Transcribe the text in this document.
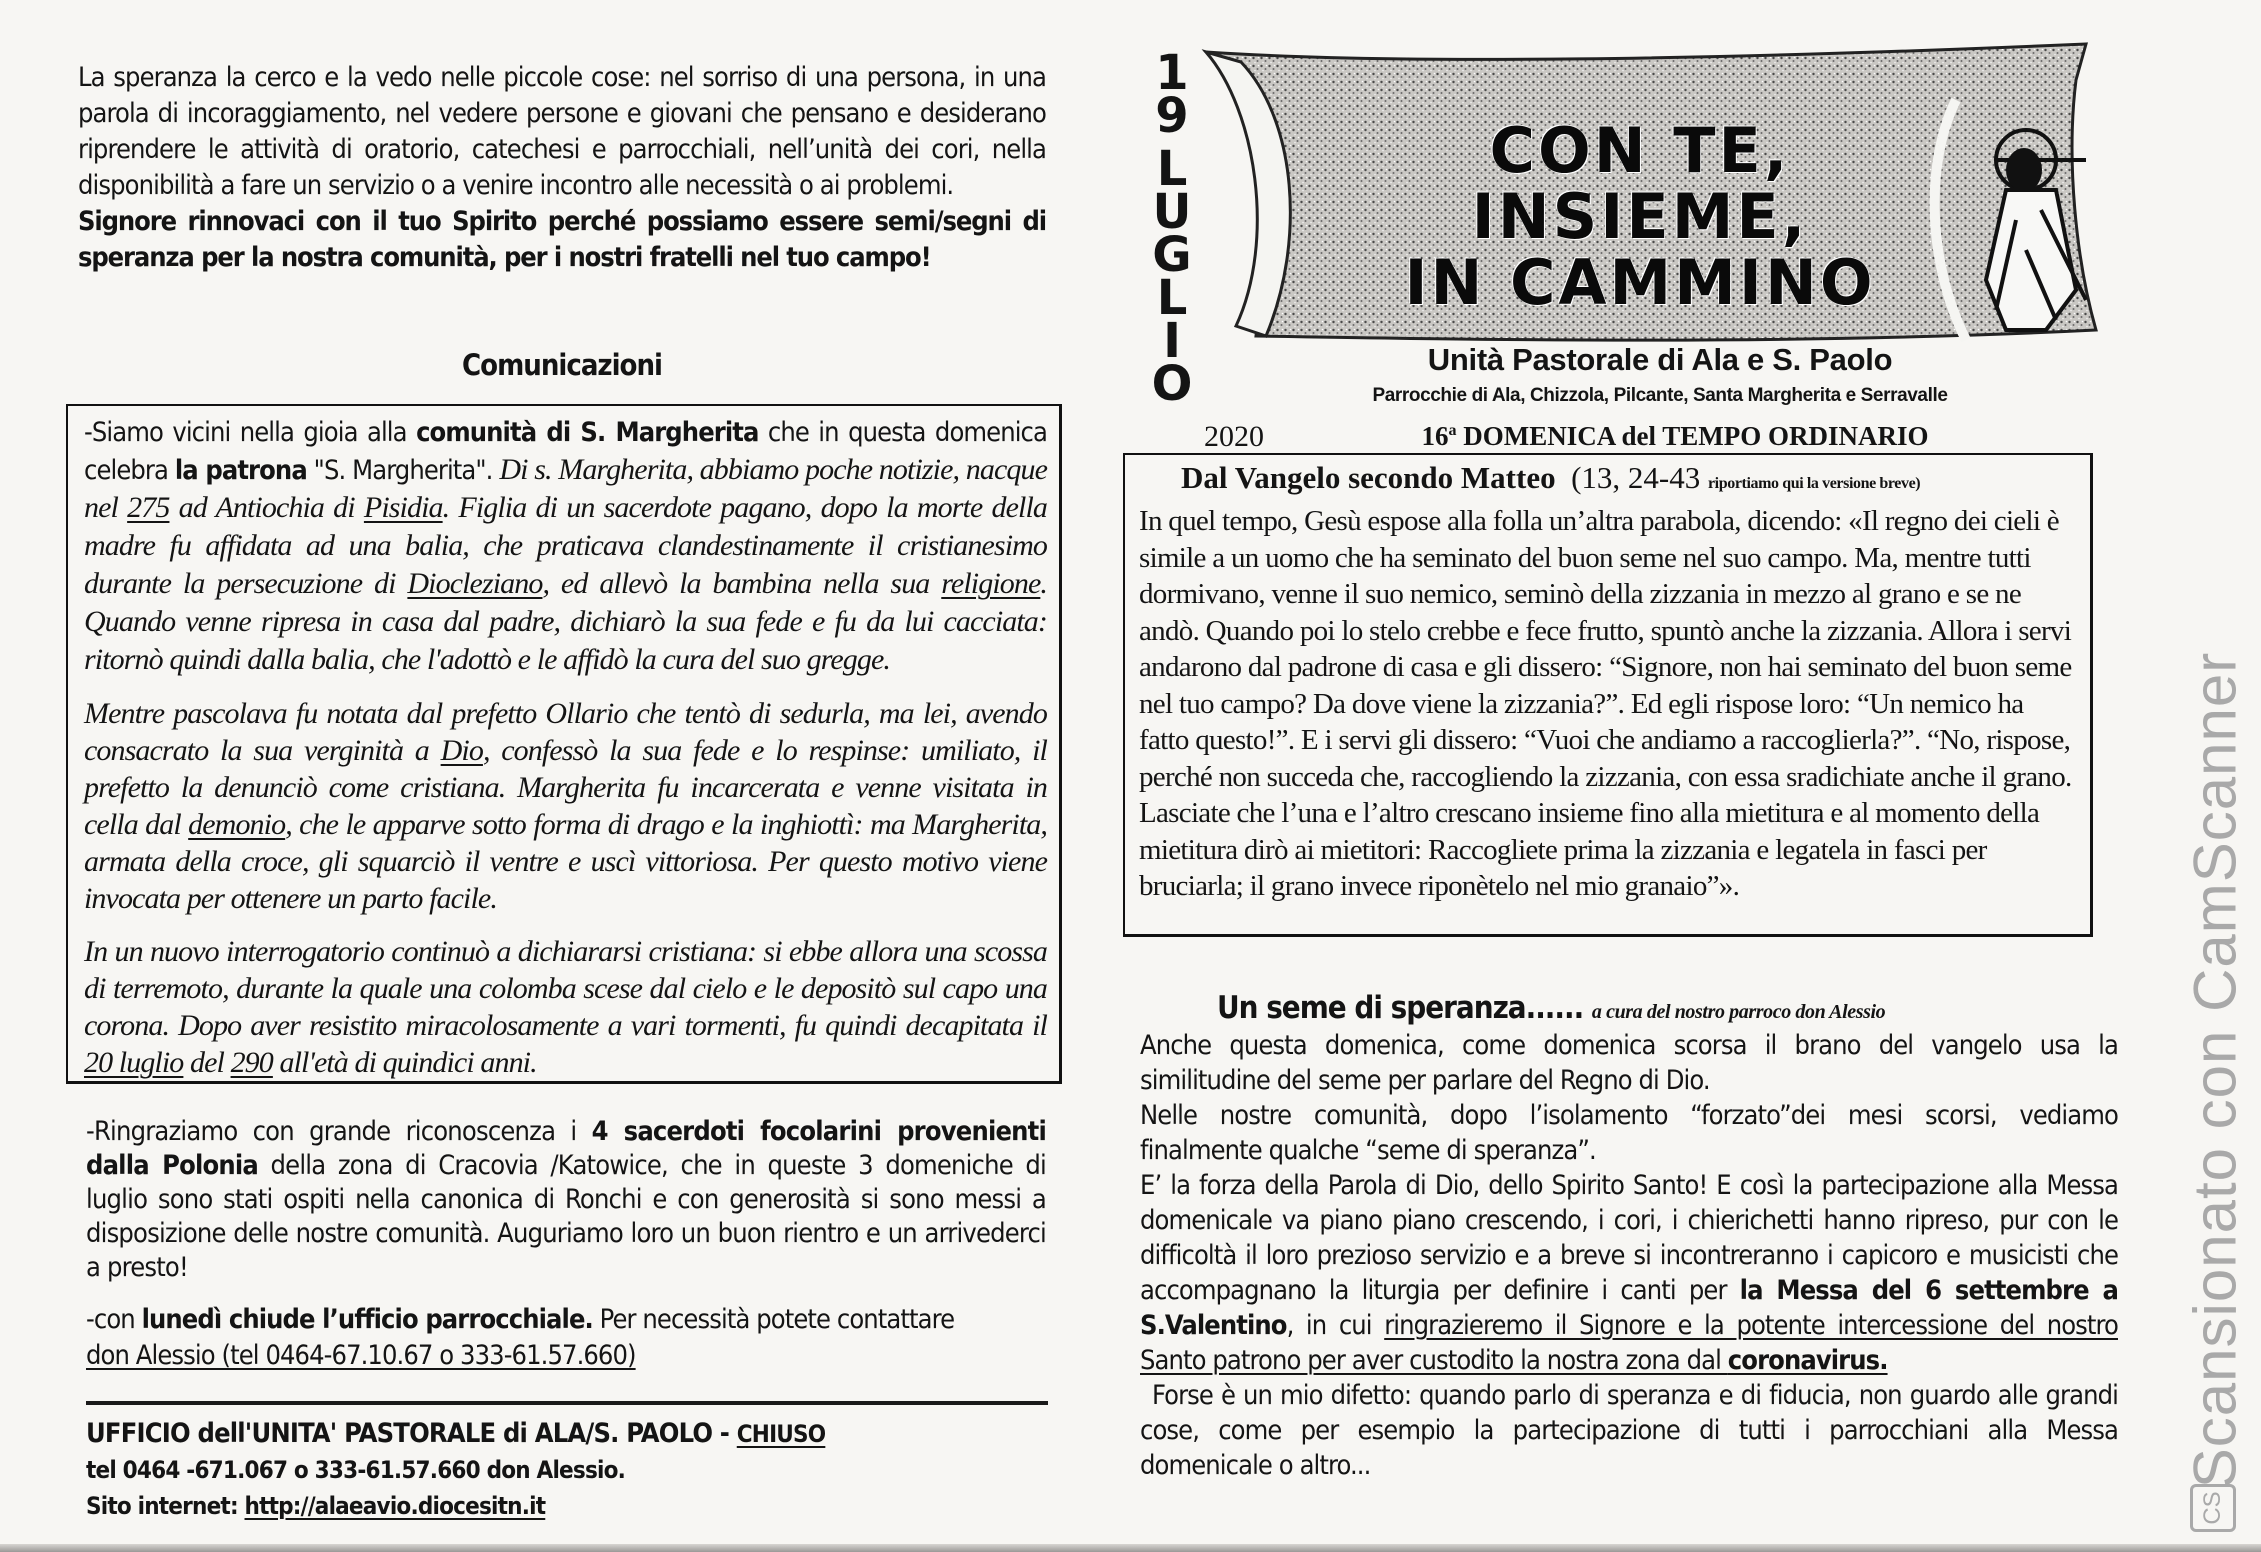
La speranza la cerco e la vedo nelle piccole cose: nel sorriso di una persona, in una parola di incoraggiamento, nel vedere persone e giovani che pensano e desiderano riprendere le attività di oratorio, catechesi e parrocchiali, nell’unità dei cori, nella disponibilità a fare un servizio o a venire incontro alle necessità o ai problemi.

Signore rinnovaci con il tuo Spirito perché possiamo essere semi/segni di speranza per la nostra comunità, per i nostri fratelli nel tuo campo!

Comunicazioni

-Siamo vicini nella gioia alla comunità di S. Margherita che in questa domenica celebra la patrona "S. Margherita". Di s. Margherita, abbiamo poche notizie, nacque nel 275 ad Antiochia di Pisidia. Figlia di un sacerdote pagano, dopo la morte della madre fu affidata ad una balia, che praticava clandestinamente il cristianesimo durante la persecuzione di Diocleziano, ed allevò la bambina nella sua religione. Quando venne ripresa in casa dal padre, dichiarò la sua fede e fu da lui cacciata: ritornò quindi dalla balia, che l'adottò e le affidò la cura del suo gregge.

Mentre pascolava fu notata dal prefetto Ollario che tentò di sedurla, ma lei, avendo consacrato la sua verginità a Dio, confessò la sua fede e lo respinse: umiliato, il prefetto la denunciò come cristiana. Margherita fu incarcerata e venne visitata in cella dal demonio, che le apparve sotto forma di drago e la inghiottì: ma Margherita, armata della croce, gli squarciò il ventre e uscì vittoriosa. Per questo motivo viene invocata per ottenere un parto facile.

In un nuovo interrogatorio continuò a dichiararsi cristiana: si ebbe allora una scossa di terremoto, durante la quale una colomba scese dal cielo e le depositò sul capo una corona. Dopo aver resistito miracolosamente a vari tormenti, fu quindi decapitata il 20 luglio del 290 all'età di quindici anni.

-Ringraziamo con grande riconoscenza i 4 sacerdoti focolarini provenienti dalla Polonia della zona di Cracovia /Katowice, che in queste 3 domeniche di luglio sono stati ospiti nella canonica di Ronchi e con generosità si sono messi a disposizione delle nostre comunità. Auguriamo loro un buon rientro e un arrivederci a presto!
-con lunedì chiude l’ufficio parrocchiale. Per necessità potete contattare
don Alessio (tel 0464-67.10.67 o 333-61.57.660)
UFFICIO dell'UNITA' PASTORALE di ALA/S. PAOLO - CHIUSO
tel 0464 -671.067 o 333-61.57.660 don Alessio.
Sito internet: http://alaeavio.diocesitn.it
CON TE,
INSIEME,
IN CAMMINO
1
9
L
U
G
L
I
O
2020
Unità Pastorale di Ala e S. Paolo
Parrocchie di Ala, Chizzola, Pilcante, Santa Margherita e Serravalle
16$^a$ DOMENICA del TEMPO ORDINARIO
Dal Vangelo secondo Matteo (13, 24-43 riportiamo qui la versione breve)

In quel tempo, Gesù espose alla folla un’altra parabola, dicendo: «Il regno dei cieli è simile a un uomo che ha seminato del buon seme nel suo campo. Ma, mentre tutti dormivano, venne il suo nemico, seminò della zizzania in mezzo al grano e se ne andò. Quando poi lo stelo crebbe e fece frutto, spuntò anche la zizzania. Allora i servi andarono dal padrone di casa e gli dissero: “Signore, non hai seminato del buon seme nel tuo campo? Da dove viene la zizzania?”. Ed egli rispose loro: “Un nemico ha fatto questo!”. E i servi gli dissero: “Vuoi che andiamo a raccoglierla?”. “No, rispose, perché non succeda che, raccogliendo la zizzania, con essa sradichiate anche il grano. Lasciate che l’una e l’altro crescano insieme fino alla mietitura e al momento della mietitura dirò ai mietitori: Raccogliete prima la zizzania e legatela in fasci per bruciarla; il grano invece riponètelo nel mio granaio”».

Un seme di speranza...... a cura del nostro parroco don Alessio

Anche questa domenica, come domenica scorsa il brano del vangelo usa la similitudine del seme per parlare del Regno di Dio.

Nelle nostre comunità, dopo l’isolamento “forzato”dei mesi scorsi, vediamo finalmente qualche “seme di speranza”.

E’ la forza della Parola di Dio, dello Spirito Santo! E così la partecipazione alla Messa domenicale va piano piano crescendo, i cori, i chierichetti hanno ripreso, pur con le difficoltà il loro prezioso servizio e a breve si incontreranno i capicoro e musicisti che accompagnano la liturgia per definire i canti per la Messa del 6 settembre a S.Valentino, in cui ringrazieremo il Signore e la potente intercessione del nostro Santo patrono per aver custodito la nostra zona dal coronavirus.

Forse è un mio difetto: quando parlo di speranza e di fiducia, non guardo alle grandi cose, come per esempio la partecipazione di tutti i parrocchiani alla Messa domenicale o altro...	Scansionato con CamScanner
CS
